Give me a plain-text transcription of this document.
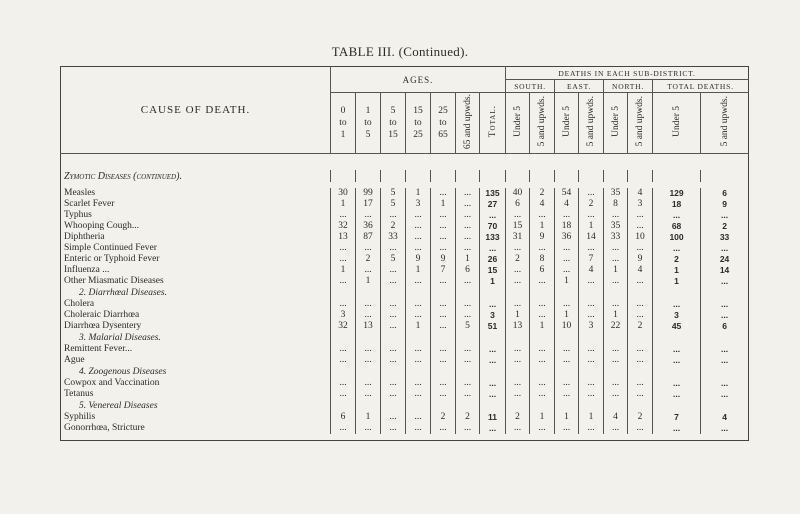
TABLE III. (Continued).
CAUSE OF DEATH.	AGES.							DEATHS IN EACH SUB-DISTRICT.							
								SOUTH.		EAST.		NORTH.		TOTAL DEATHS.	
	0
to
1	1
to
5	5
to
15	15
to
25	25
to
65	65 and upwds.	Total.	Under 5	5 and upwds.	Under 5	5 and upwds.	Under 5	5 and upwds.	Under 5	5 and upwds.

Zymotic Diseases (continued).															

Measles	30	99	5	1	...	...	135	40	2	54	...	35	4	129	6
Scarlet Fever	1	17	5	3	1	...	27	6	4	4	2	8	3	18	9
Typhus	...	...	...	...	...	...	...	...	...	...	...	...	...	...	...
Whooping Cough...	32	36	2	...	...	...	70	15	1	18	1	35	...	68	2
Diphtheria	13	87	33	...	...	...	133	31	9	36	14	33	10	100	33
Simple Continued Fever	...	...	...	...	...	...	...	...	...	...	...	...	...	...	...
Enteric or Typhoid Fever	...	2	5	9	9	1	26	2	8	...	7	...	9	2	24
Influenza ...	1	...	...	1	7	6	15	...	6	...	4	1	4	1	14
Other Miasmatic Diseases	...	1	...	...	...	...	1	...	...	1	...	...	...	1	...
2. Diarrhœal Diseases.															
Cholera	...	...	...	...	...	...	...	...	...	...	...	...	...	...	...
Choleraic Diarrhœa	3	...	...	...	...	...	3	1	...	1	...	1	...	3	...
Diarrhœa Dysentery	32	13	...	1	...	5	51	13	1	10	3	22	2	45	6
3. Malarial Diseases.															
Remittent Fever...	...	...	...	...	...	...	...	...	...	...	...	...	...	...	...
Ague	...	...	...	...	...	...	...	...	...	...	...	...	...	...	...
4. Zoogenous Diseases															
Cowpox and Vaccination	...	...	...	...	...	...	...	...	...	...	...	...	...	...	...
Tetanus	...	...	...	...	...	...	...	...	...	...	...	...	...	...	...
5. Venereal Diseases															
Syphilis	6	1	...	...	2	2	11	2	1	1	1	4	2	7	4
Gonorrhœa, Stricture	...	...	...	...	...	...	...	...	...	...	...	...	...	...	...
